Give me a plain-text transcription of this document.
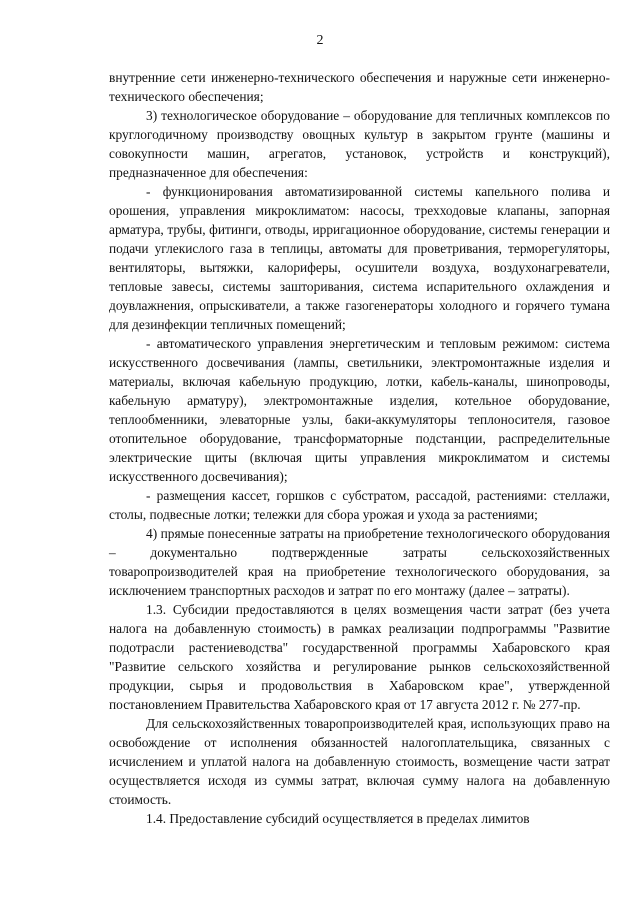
2

внутренние сети инженерно-технического обеспечения и наружные сети инженерно-технического обеспечения;

3) технологическое оборудование – оборудование для тепличных комплексов по круглогодичному производству овощных культур в закрытом грунте (машины и совокупности машин, агрегатов, установок, устройств и конструкций), предназначенное для обеспечения:

- функционирования автоматизированной системы капельного полива и орошения, управления микроклиматом: насосы, трехходовые клапаны, запорная арматура, трубы, фитинги, отводы, ирригационное оборудование, системы генерации и подачи углекислого газа в теплицы, автоматы для проветривания, терморегуляторы, вентиляторы, вытяжки, калориферы, осушители воздуха, воздухонагреватели, тепловые завесы, системы зашторивания, система испарительного охлаждения и доувлажнения, опрыскиватели, а также газогенераторы холодного и горячего тумана для дезинфекции тепличных помещений;

- автоматического управления энергетическим и тепловым режимом: система искусственного досвечивания (лампы, светильники, электромонтажные изделия и материалы, включая кабельную продукцию, лотки, кабель-каналы, шинопроводы, кабельную арматуру), электромонтажные изделия, котельное оборудование, теплообменники, элеваторные узлы, баки-аккумуляторы теплоносителя, газовое отопительное оборудование, трансформаторные подстанции, распределительные электрические щиты (включая щиты управления микроклиматом и системы искусственного досвечивания);

- размещения кассет, горшков с субстратом, рассадой, растениями: стеллажи, столы, подвесные лотки; тележки для сбора урожая и ухода за растениями;

4) прямые понесенные затраты на приобретение технологического оборудования – документально подтвержденные затраты сельскохозяйственных товаропроизводителей края на приобретение технологического оборудования, за исключением транспортных расходов и затрат по его монтажу (далее – затраты).

1.3. Субсидии предоставляются в целях возмещения части затрат (без учета налога на добавленную стоимость) в рамках реализации подпрограммы "Развитие подотрасли растениеводства" государственной программы Хабаровского края "Развитие сельского хозяйства и регулирование рынков сельскохозяйственной продукции, сырья и продовольствия в Хабаровском крае", утвержденной постановлением Правительства Хабаровского края от 17 августа 2012 г. № 277-пр.

Для сельскохозяйственных товаропроизводителей края, использующих право на освобождение от исполнения обязанностей налогоплательщика, связанных с исчислением и уплатой налога на добавленную стоимость, возмещение части затрат осуществляется исходя из суммы затрат, включая сумму налога на добавленную стоимость.

1.4. Предоставление субсидий осуществляется в пределах лимитов
